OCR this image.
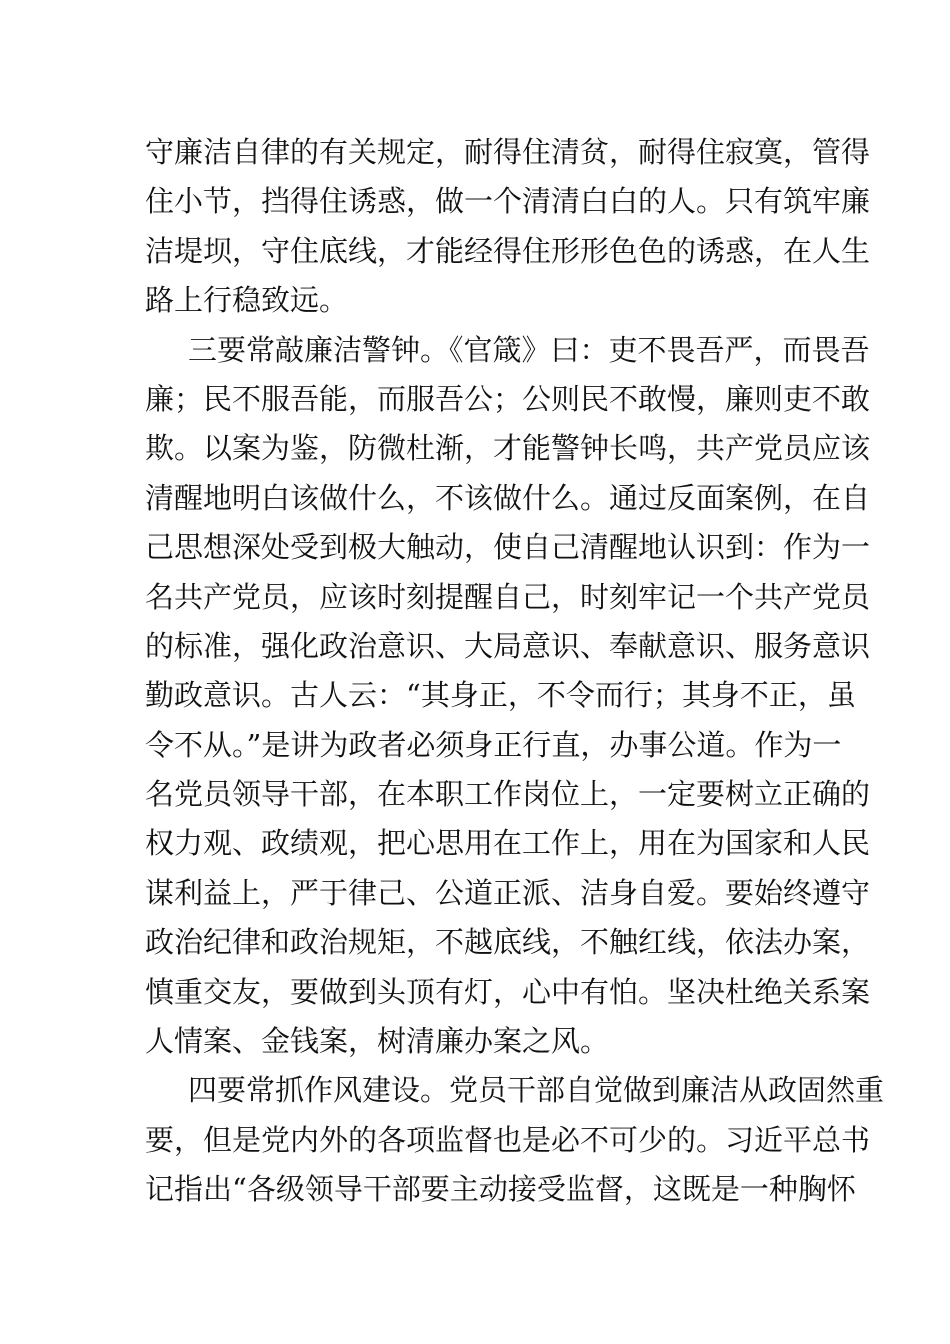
守廉洁自律的有关规定，耐得住清贫，耐得住寂寞，管得
住小节，挡得住诱惑，做一个清清白白的人。只有筑牢廉
洁堤坝，守住底线，才能经得住形形色色的诱惑，在人生
路上行稳致远。
三要常敲廉洁警钟。《官箴》曰：吏不畏吾严，而畏吾
廉；民不服吾能，而服吾公；公则民不敢慢，廉则吏不敢
欺。以案为鉴，防微杜渐，才能警钟长鸣，共产党员应该
清醒地明白该做什么，不该做什么。通过反面案例，在自
己思想深处受到极大触动，使自己清醒地认识到：作为一
名共产党员，应该时刻提醒自己，时刻牢记一个共产党员
的标准，强化政治意识、大局意识、奉献意识、服务意识
勤政意识。古人云：“其身正，不令而行；其身不正，虽
令不从。”是讲为政者必须身正行直，办事公道。作为一
名党员领导干部，在本职工作岗位上，一定要树立正确的
权力观、政绩观，把心思用在工作上，用在为国家和人民
谋利益上，严于律己、公道正派、洁身自爱。要始终遵守
政治纪律和政治规矩，不越底线，不触红线，依法办案，
慎重交友，要做到头顶有灯，心中有怕。坚决杜绝关系案
人情案、金钱案，树清廉办案之风。
四要常抓作风建设。党员干部自觉做到廉洁从政固然重
要，但是党内外的各项监督也是必不可少的。习近平总书
记指出“各级领导干部要主动接受监督，这既是一种胸怀
